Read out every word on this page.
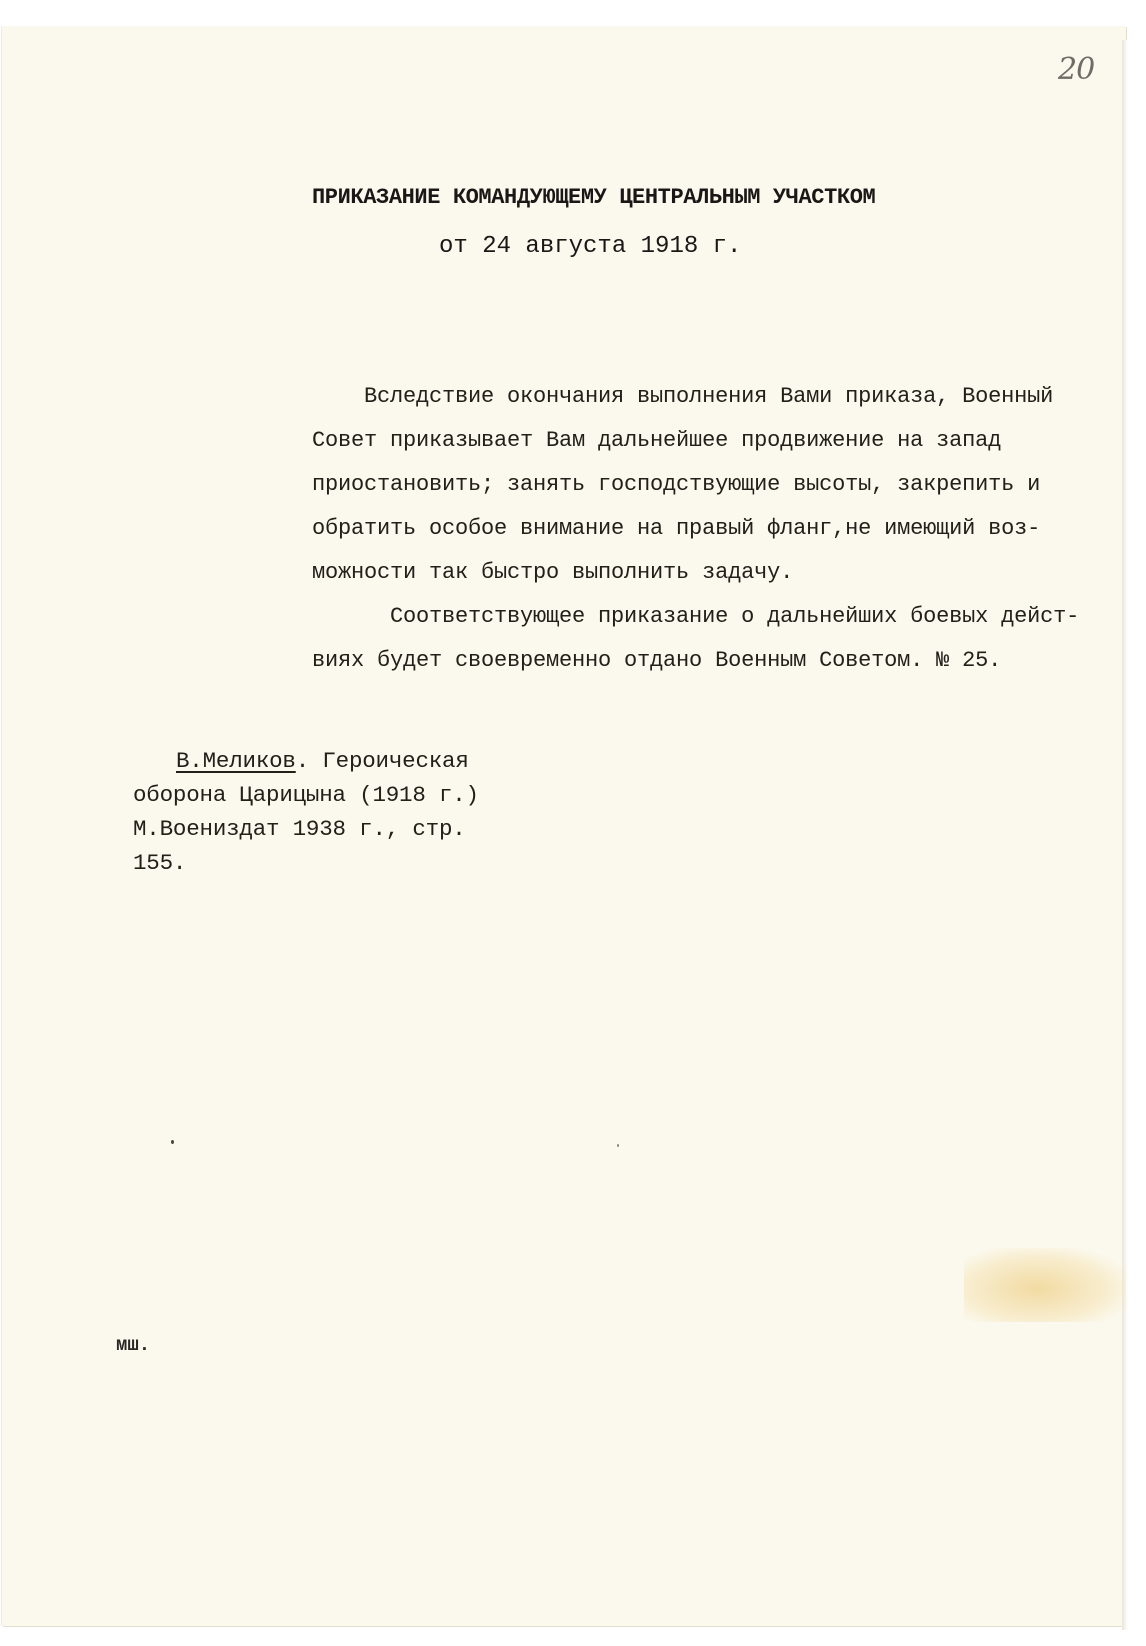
20
ПРИКАЗАНИЕ КОМАНДУЮЩЕМУ ЦЕНТРАЛЬНЫМ УЧАСТКОМ
от 24 августа 1918 г.
Вследствие окончания выполнения Вами приказа, Военный
Совет приказывает Вам дальнейшее продвижение на запад
приостановить; занять господствующие высоты, закрепить и
обратить особое внимание на правый фланг,не имеющий воз-
можности так быстро выполнить задачу.
Соответствующее приказание о дальнейших боевых дейст-
виях будет своевременно отдано Военным Советом. № 25.
В.Меликов. Героическая
оборона Царицына (1918 г.)
М.Воениздат 1938 г., стр.
155.
мш.
